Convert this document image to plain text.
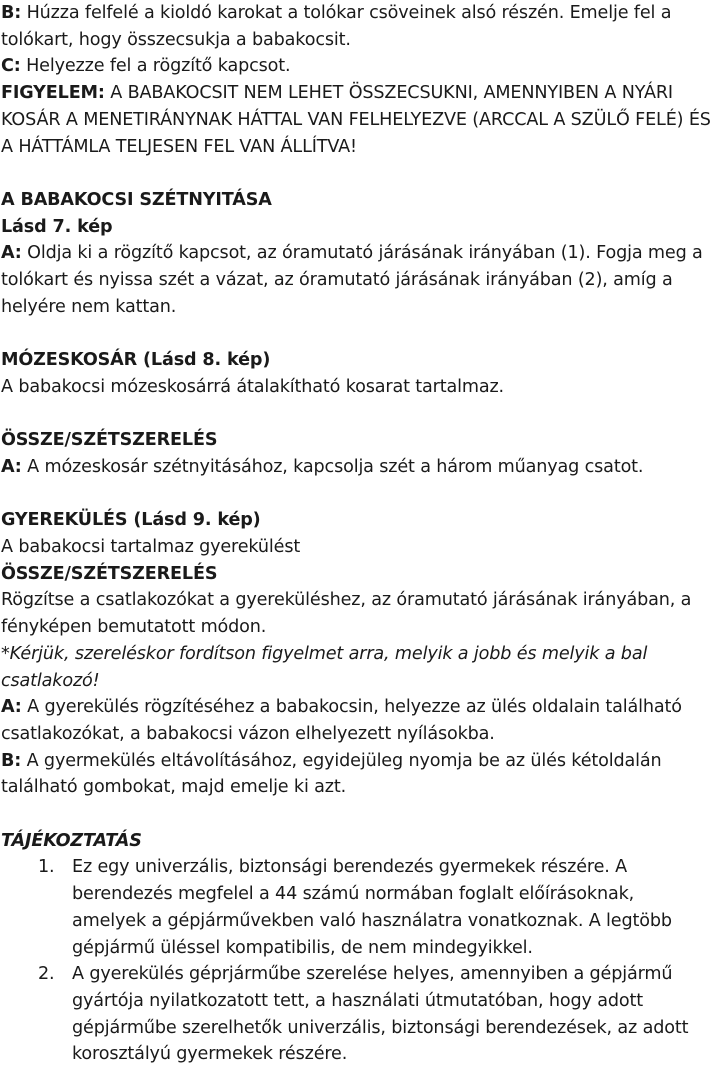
B: Húzza felfelé a kioldó karokat a tolókar csöveinek alsó részén. Emelje fel a tolókart, hogy összecsukja a babakocsit.

C: Helyezze fel a rögzítő kapcsot.

FIGYELEM: A BABAKOCSIT NEM LEHET ÖSSZECSUKNI, AMENNYIBEN A NYÁRI KOSÁR A MENETIRÁNYNAK HÁTTAL VAN FELHELYEZVE (ARCCAL A SZÜLŐ FELÉ) ÉS A HÁTTÁMLA TELJESEN FEL VAN ÁLLÍTVA!

A BABAKOCSI SZÉTNYITÁSA

Lásd 7. kép

A: Oldja ki a rögzítő kapcsot, az óramutató járásának irányában (1). Fogja meg a tolókart és nyissa szét a vázat, az óramutató járásának irányában (2), amíg a helyére nem kattan.

MÓZESKOSÁR (Lásd 8. kép)

A babakocsi mózeskosárrá átalakítható kosarat tartalmaz.

ÖSSZE/SZÉTSZERELÉS

A: A mózeskosár szétnyitásához, kapcsolja szét a három műanyag csatot.

GYEREKÜLÉS (Lásd 9. kép)

A babakocsi tartalmaz gyerekülést

ÖSSZE/SZÉTSZERELÉS

Rögzítse a csatlakozókat a gyereküléshez, az óramutató járásának irányában, a fényképen bemutatott módon.

*Kérjük, szereléskor fordítson figyelmet arra, melyik a jobb és melyik a bal csatlakozó!

A: A gyerekülés rögzítéséhez a babakocsin, helyezze az ülés oldalain található csatlakozókat, a babakocsi vázon elhelyezett nyílásokba.

B: A gyermekülés eltávolításához, egyidejüleg nyomja be az ülés kétoldalán található gombokat, majd emelje ki azt.

TÁJÉKOZTATÁS

1. Ez egy univerzális, biztonsági berendezés gyermekek részére. A berendezés megfelel a 44 számú normában foglalt előírásoknak, amelyek a gépjárművekben való használatra vonatkoznak. A legtöbb gépjármű üléssel kompatibilis, de nem mindegyikkel.
2. A gyerekülés géprjárműbe szerelése helyes, amennyiben a gépjármű gyártója nyilatkozatott tett, a használati útmutatóban, hogy adott gépjárműbe szerelhetők univerzális, biztonsági berendezések, az adott korosztályú gyermekek részére.
